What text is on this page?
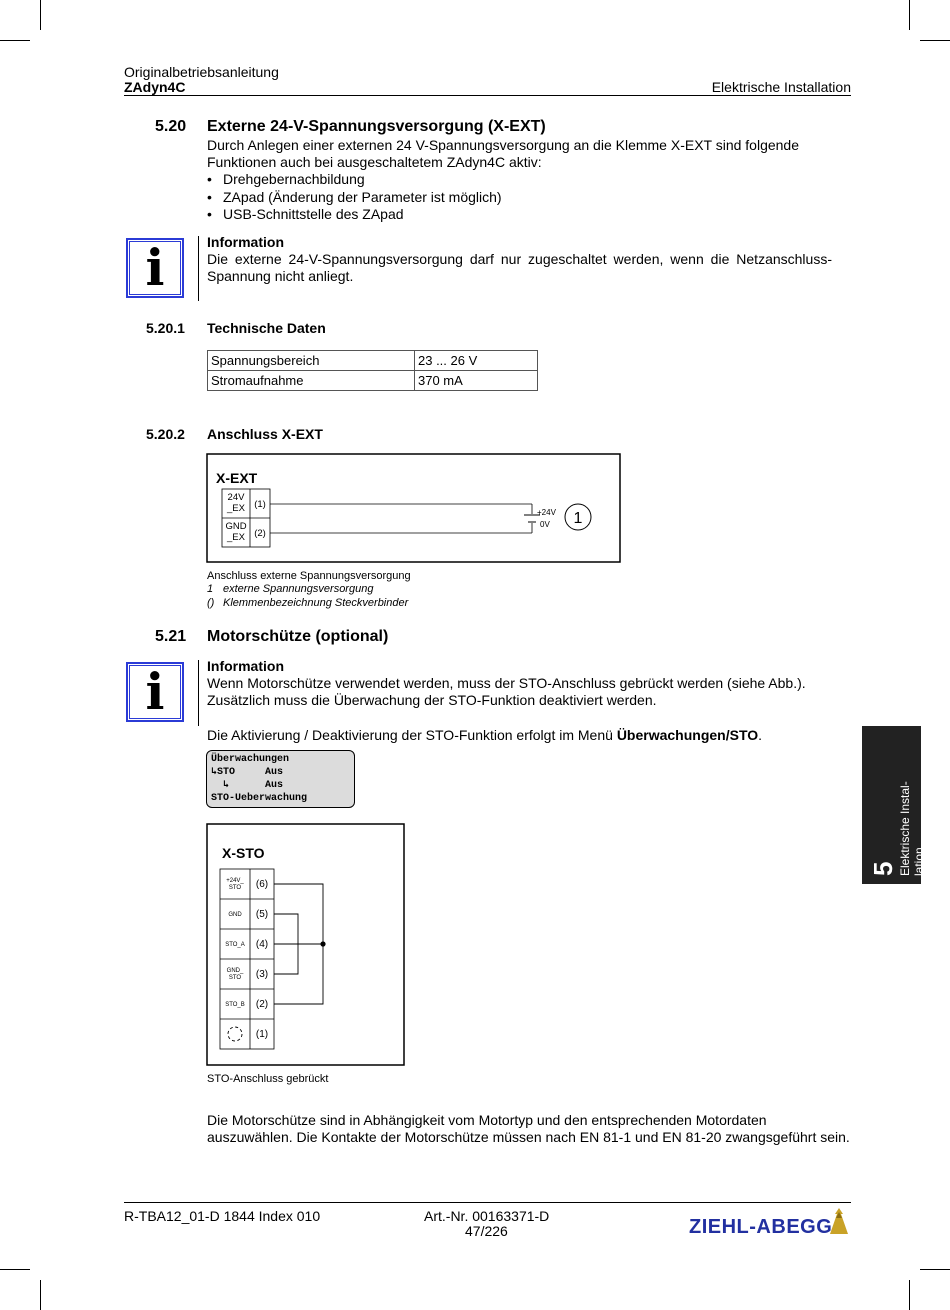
Originalbetriebsanleitung
ZAdyn4C	Elektrische Installation
5.20 Externe 24-V-Spannungsversorgung (X-EXT)
Durch Anlegen einer externen 24 V-Spannungsversorgung an die Klemme X-EXT sind folgende Funktionen auch bei ausgeschaltetem ZAdyn4C aktiv:
• Drehgebernachbildung
• ZApad (Änderung der Parameter ist möglich)
• USB-Schnittstelle des ZApad
i	Information
Die externe 24-V-Spannungsversorgung darf nur zugeschaltet werden, wenn die Netzanschluss-Spannung nicht anliegt.
5.20.1 Technische Daten
Spannungsbereich	23 ... 26 V
Stromaufnahme	370 mA
5.20.2 Anschluss X-EXT
X-EXT
24V
_EX (1)
GND
_EX (2)
+24V
0V 1
Anschluss externe Spannungsversorgung
1 externe Spannungsversorgung
() Klemmenbezeichnung Steckverbinder
5.21 Motorschütze (optional)
i	Information
Wenn Motorschütze verwendet werden, muss der STO-Anschluss gebrückt werden (siehe Abb.). Zusätzlich muss die Überwachung der STO-Funktion deaktiviert werden.
Die Aktivierung / Deaktivierung der STO-Funktion erfolgt im Menü Überwachungen/STO.
Überwachungen
↳STO     Aus
↳      Aus
STO-Ueberwachung
X-STO
+24V_
STO (6)
GND (5)
STO_A (4)
GND_
STO (3)
STO_B (2)
(1)
STO-Anschluss gebrückt
Die Motorschütze sind in Abhängigkeit vom Motortyp und den entsprechenden Motordaten auszuwählen. Die Kontakte der Motorschütze müssen nach EN 81-1 und EN 81-20 zwangsgeführt sein.
Elektrische Instal- lation
5
R-TBA12_01-D 1844 Index 010	Art.-Nr. 00163371-D
47/226	ZIEHL-ABEGG
